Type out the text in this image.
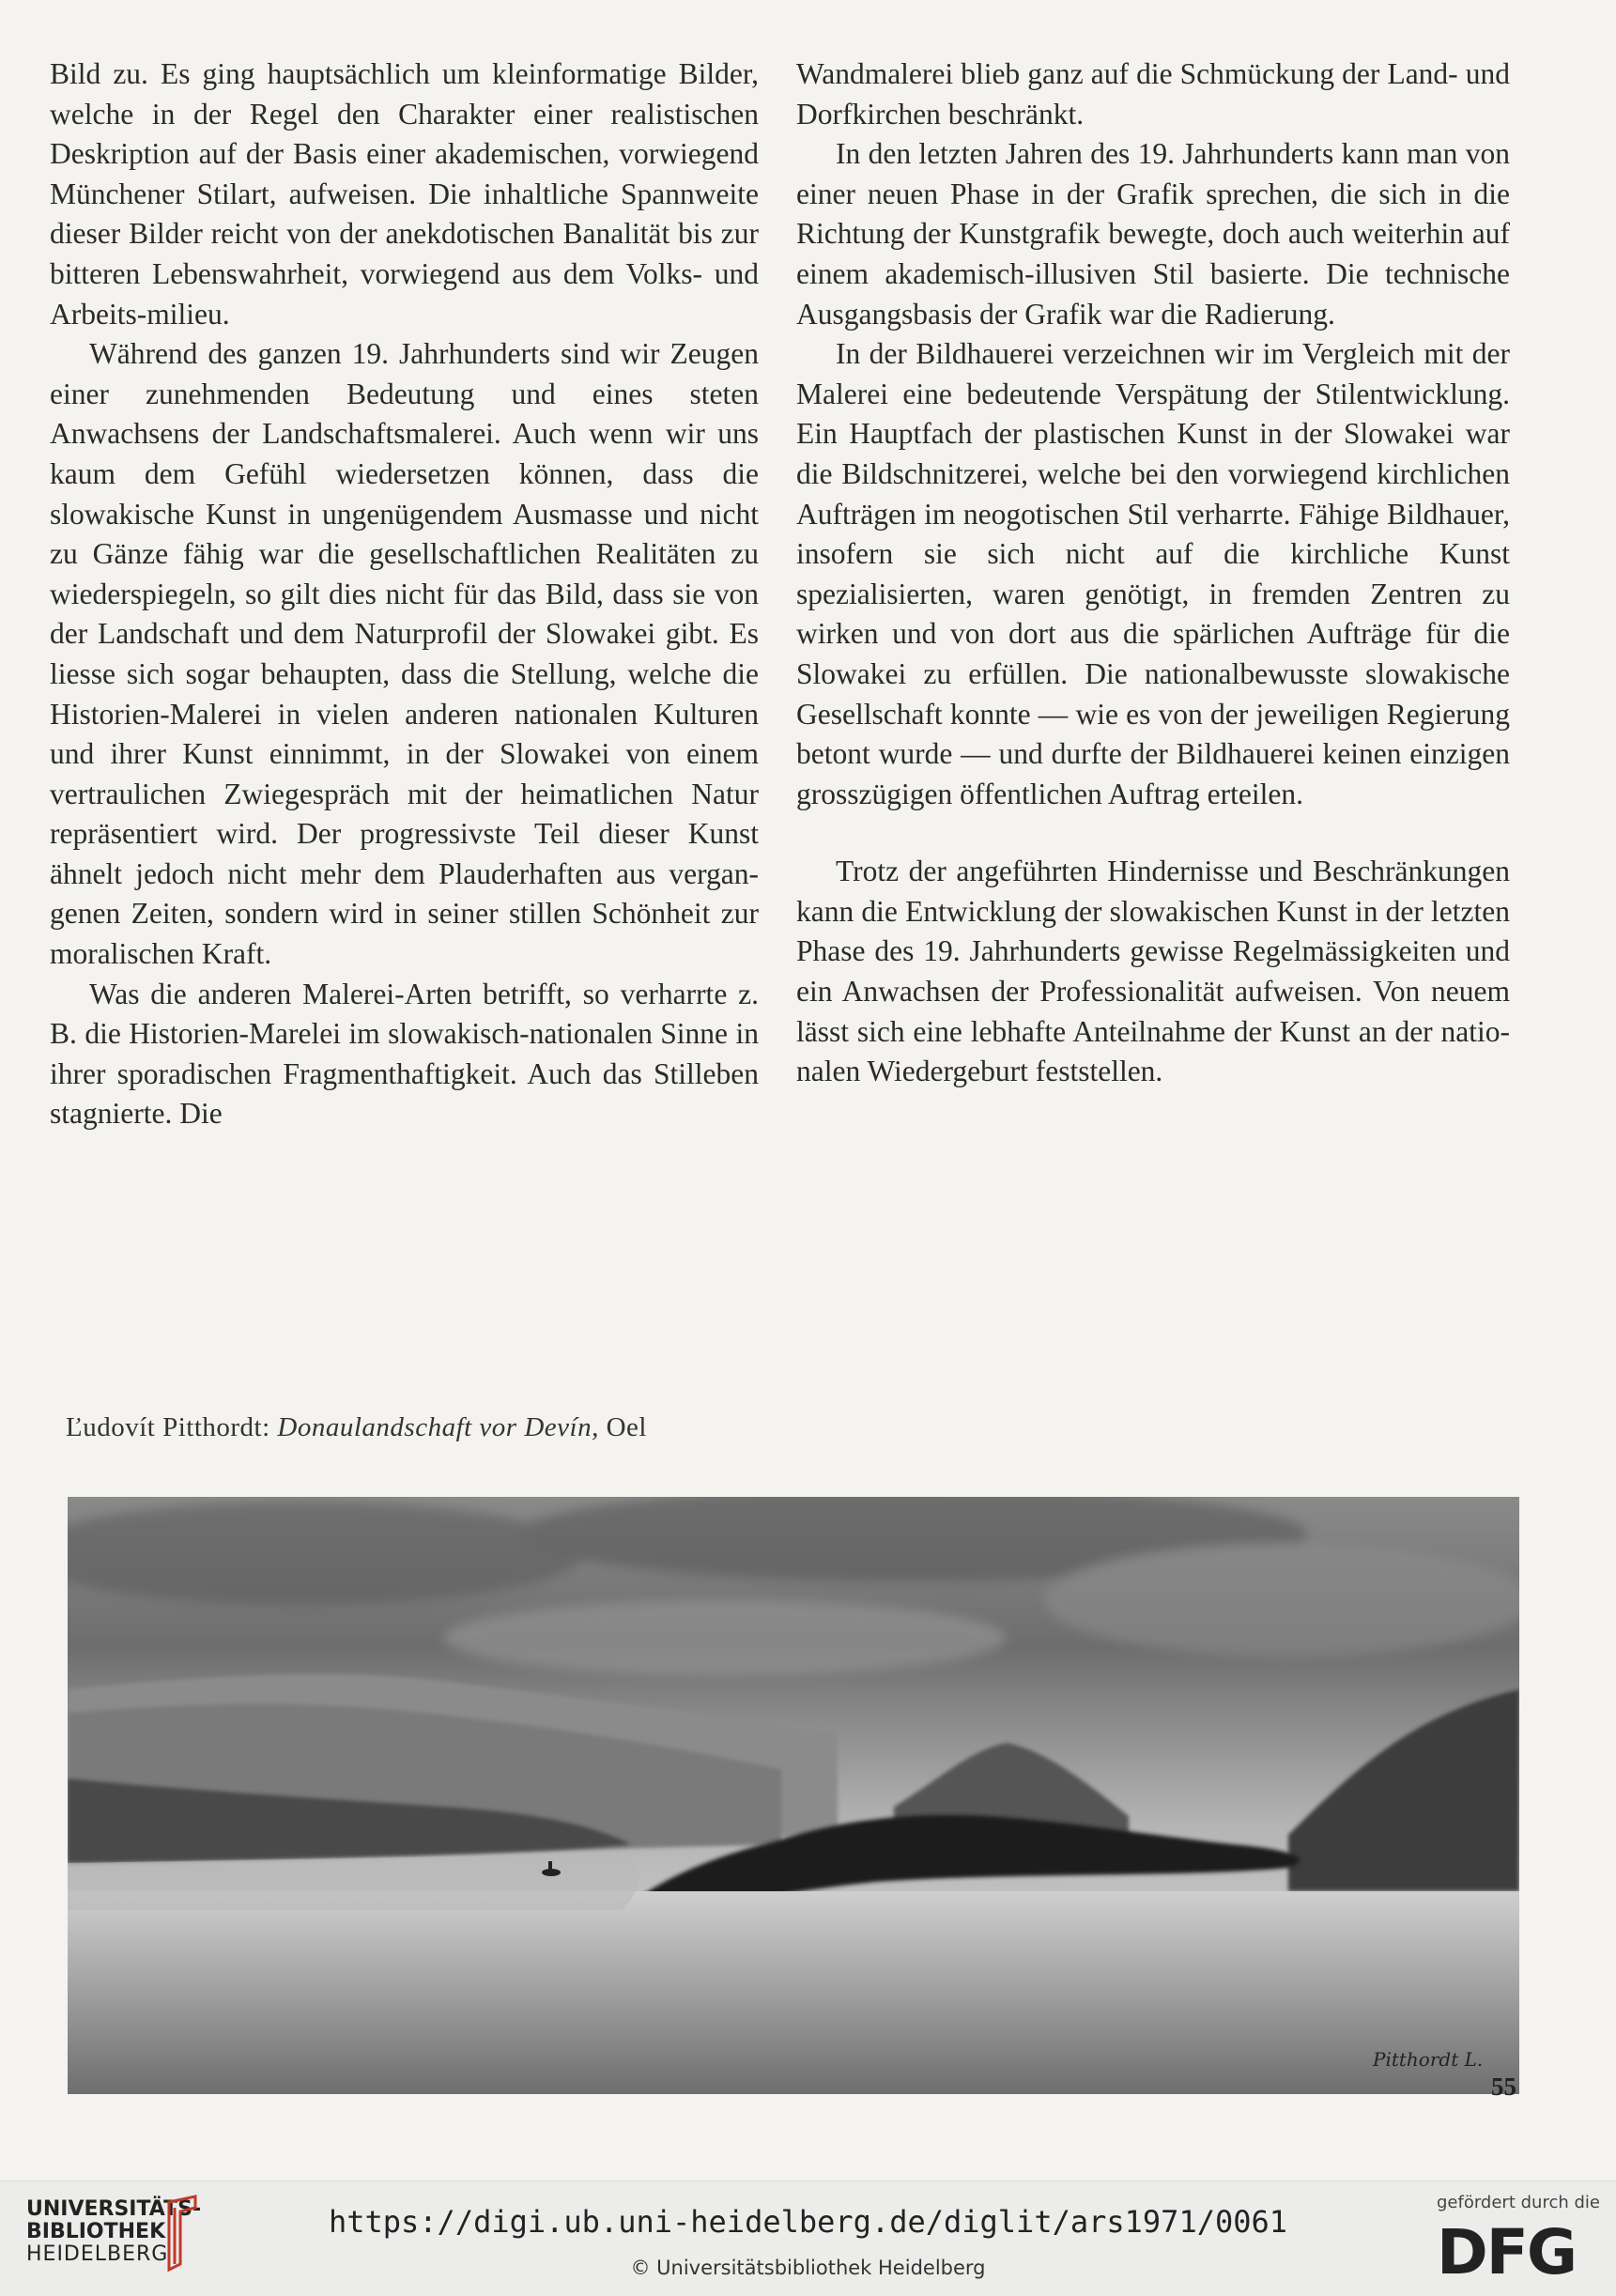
Bild zu. Es ging hauptsächlich um kleinformatige Bilder, welche in der Regel den Charakter einer realistischen Deskription auf der Basis einer akademischen, vorwiegend Münchener Stilart, aufweisen. Die inhaltliche Spannweite dieser Bilder reicht von der anekdotischen Banalität bis zur bitteren Lebenswahrheit, vorwiegend aus dem Volks- und Arbeits-milieu.

Während des ganzen 19. Jahrhunderts sind wir Zeugen einer zunehmenden Bedeutung und eines steten Anwachsens der Landschaftsmalerei. Auch wenn wir uns kaum dem Gefühl wiedersetzen können, dass die slowakische Kunst in ungenügendem Ausmasse und nicht zu Gänze fähig war die gesellschaftlichen Realitäten zu wiederspiegeln, so gilt dies nicht für das Bild, dass sie von der Landschaft und dem Naturprofil der Slowakei gibt. Es liesse sich sogar behaupten, dass die Stellung, welche die Historien-Malerei in vielen anderen nationalen Kulturen und ihrer Kunst einnimmt, in der Slowakei von einem vertraulichen Zwiegespräch mit der heimatlichen Natur repräsentiert wird. Der progressivste Teil dieser Kunst ähnelt jedoch nicht mehr dem Plauderhaften aus vergangenen Zeiten, sondern wird in seiner stillen Schönheit zur moralischen Kraft.

Was die anderen Malerei-Arten betrifft, so verharrte z. B. die Historien-Marelei im slowakisch-nationalen Sinne in ihrer sporadischen Fragmenthaftigkeit. Auch das Stilleben stagnierte. Die

Wandmalerei blieb ganz auf die Schmückung der Land- und Dorfkirchen beschränkt.

In den letzten Jahren des 19. Jahrhunderts kann man von einer neuen Phase in der Grafik sprechen, die sich in die Richtung der Kunstgrafik bewegte, doch auch weiterhin auf einem akademisch-illusiven Stil basierte. Die technische Ausgangsbasis der Grafik war die Radierung.

In der Bildhauerei verzeichnen wir im Vergleich mit der Malerei eine bedeutende Verspätung der Stilentwicklung. Ein Hauptfach der plastischen Kunst in der Slowakei war die Bildschnitzerei, welche bei den vorwiegend kirchlichen Aufträgen im neogotischen Stil verharrte. Fähige Bildhauer, insofern sie sich nicht auf die kirchliche Kunst spezialisierten, waren genötigt, in fremden Zentren zu wirken und von dort aus die spärlichen Aufträge für die Slowakei zu erfüllen. Die nationalbewusste slowakische Gesellschaft konnte — wie es von der jeweiligen Regierung betont wurde — und durfte der Bildhauerei keinen einzigen grosszügigen öffentlichen Auftrag erteilen.

Trotz der angeführten Hindernisse und Beschränkungen kann die Entwicklung der slowakischen Kunst in der letzten Phase des 19. Jahrhunderts gewisse Regelmässigkeiten und ein Anwachsen der Professionalität aufweisen. Von neuem lässt sich eine lebhafte Anteilnahme der Kunst an der nationalen Wiedergeburt feststellen.

Ľudovít Pitthordt: Donaulandschaft vor Devín, Oel
Pitthordt L.
55
UNIVERSITÄTS-
BIBLIOTHEK
HEIDELBERG
https://digi.ub.uni-heidelberg.de/diglit/ars1971/0061
© Universitätsbibliothek Heidelberg
gefördert durch die
DFG
